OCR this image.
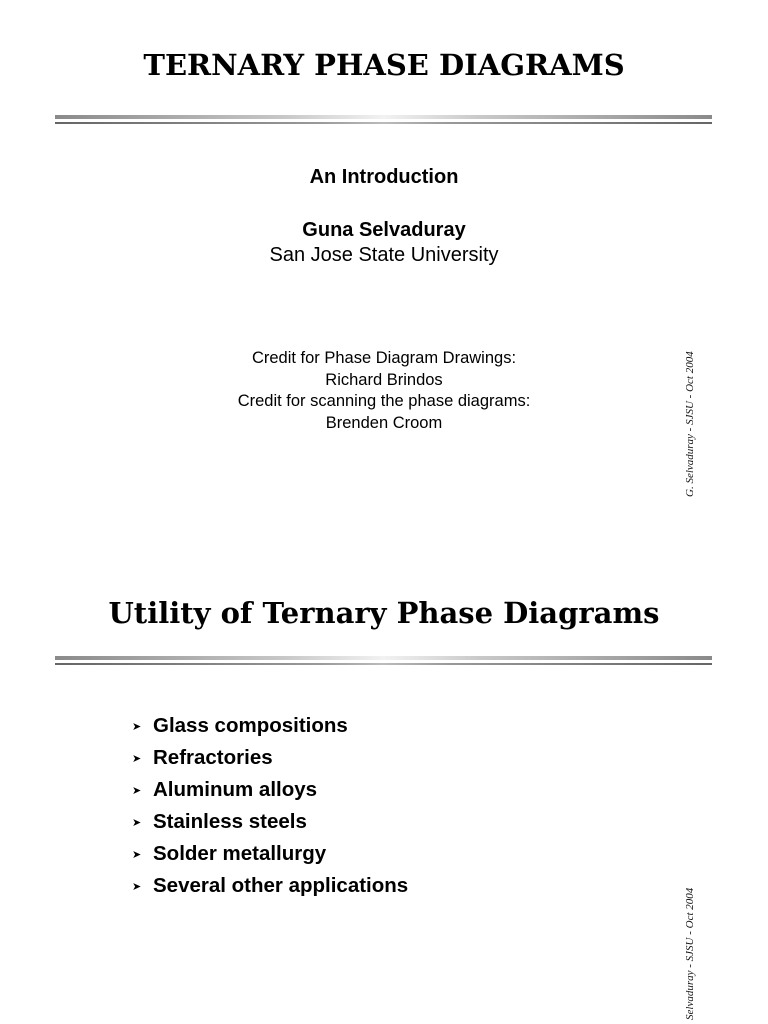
TERNARY PHASE DIAGRAMS
An Introduction
Guna Selvaduray
San Jose State University
Credit for Phase Diagram Drawings:
Richard Brindos
Credit for scanning the phase diagrams:
Brenden Croom	G. Selvaduray - SJSU - Oct 2004
Utility of Ternary Phase Diagrams
➤ Glass compositions
➤ Refractories
➤ Aluminum alloys
➤ Stainless steels
➤ Solder metallurgy
➤ Several other applications
Selvaduray - SJSU - Oct 2004
